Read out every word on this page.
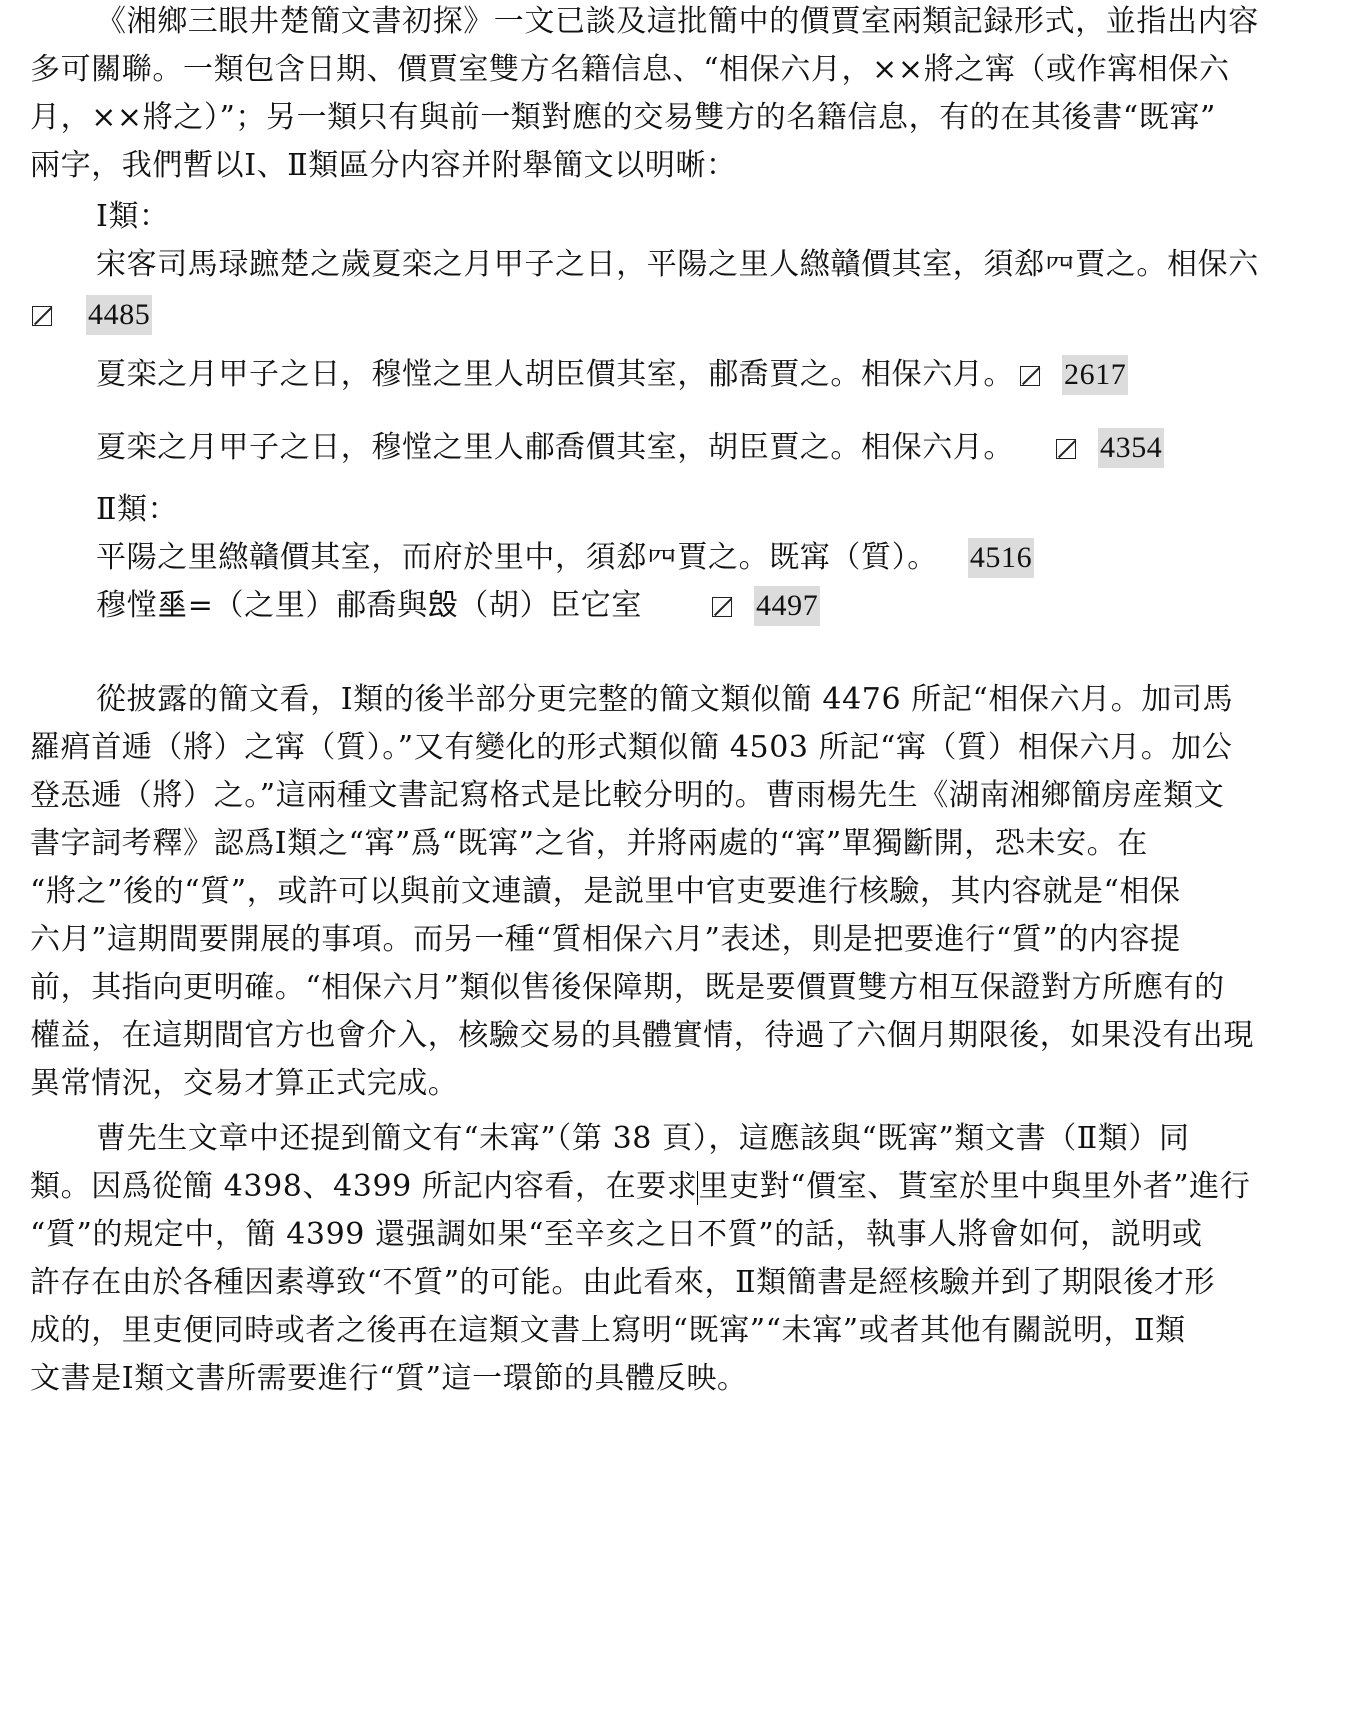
《湘鄉三眼井楚簡文書初探》一文已談及這批簡中的價賈室兩類記録形式，並指出内容
多可關聯。一類包含日期、價賈室雙方名籍信息、“相保六月，××將之𡩋（或作𡩋相保六
月，××將之）”；另一類只有與前一類對應的交易雙方的名籍信息，有的在其後書“既𡩋”
兩字，我們暫以Ⅰ、Ⅱ類區分内容并附舉簡文以明晰：
Ⅰ類：
宋客司馬琭蹠楚之歲夏栾之月甲子之日，平陽之里人繺贛價其室，須郄𦉪賈之。相保六
4485
夏栾之月甲子之日，穆憆之里人胡臣價其室，郙喬賈之。相保六月。 2617
夏栾之月甲子之日，穆憆之里人郙喬價其室，胡臣賈之。相保六月。	4354
Ⅱ類：
平陽之里繺贛價其室，而府於里中，須郄𦉪賈之。既𡩋（質）。 4516
穆憆𡍮=（之里）郙喬與𣪕（胡）臣它室	4497
從披露的簡文看，Ⅰ類的後半部分更完整的簡文類似簡 4476 所記“相保六月。加司馬
羅㾓首逓（將）之𡩋（質）。”又有變化的形式類似簡 4503 所記“𡩋（質）相保六月。加公
登忢逓（將）之。”這兩種文書記寫格式是比較分明的。曹雨楊先生《湖南湘鄉簡房産類文
書字詞考釋》認爲Ⅰ類之“𡩋”爲“既𡩋”之省，并將兩處的“𡩋”單獨斷開，恐未安。在
“將之”後的“質”，或許可以與前文連讀，是説里中官吏要進行核驗，其内容就是“相保
六月”這期間要開展的事項。而另一種“質相保六月”表述，則是把要進行“質”的内容提
前，其指向更明確。“相保六月”類似售後保障期，既是要價賈雙方相互保證對方所應有的
權益，在這期間官方也會介入，核驗交易的具體實情，待過了六個月期限後，如果没有出現
異常情況，交易才算正式完成。
曹先生文章中还提到簡文有“未𡩋”（第 38 頁），這應該與“既𡩋”類文書（Ⅱ類）同
類。因爲從簡 4398、4399 所記内容看，在要求里吏對“價室、貰室於里中與里外者”進行
“質”的規定中，簡 4399 還强調如果“至辛亥之日不質”的話，執事人將會如何，説明或
許存在由於各種因素導致“不質”的可能。由此看來，Ⅱ類簡書是經核驗并到了期限後才形
成的，里吏便同時或者之後再在這類文書上寫明“既𡩋”“未𡩋”或者其他有關説明，Ⅱ類
文書是Ⅰ類文書所需要進行“質”這一環節的具體反映。
